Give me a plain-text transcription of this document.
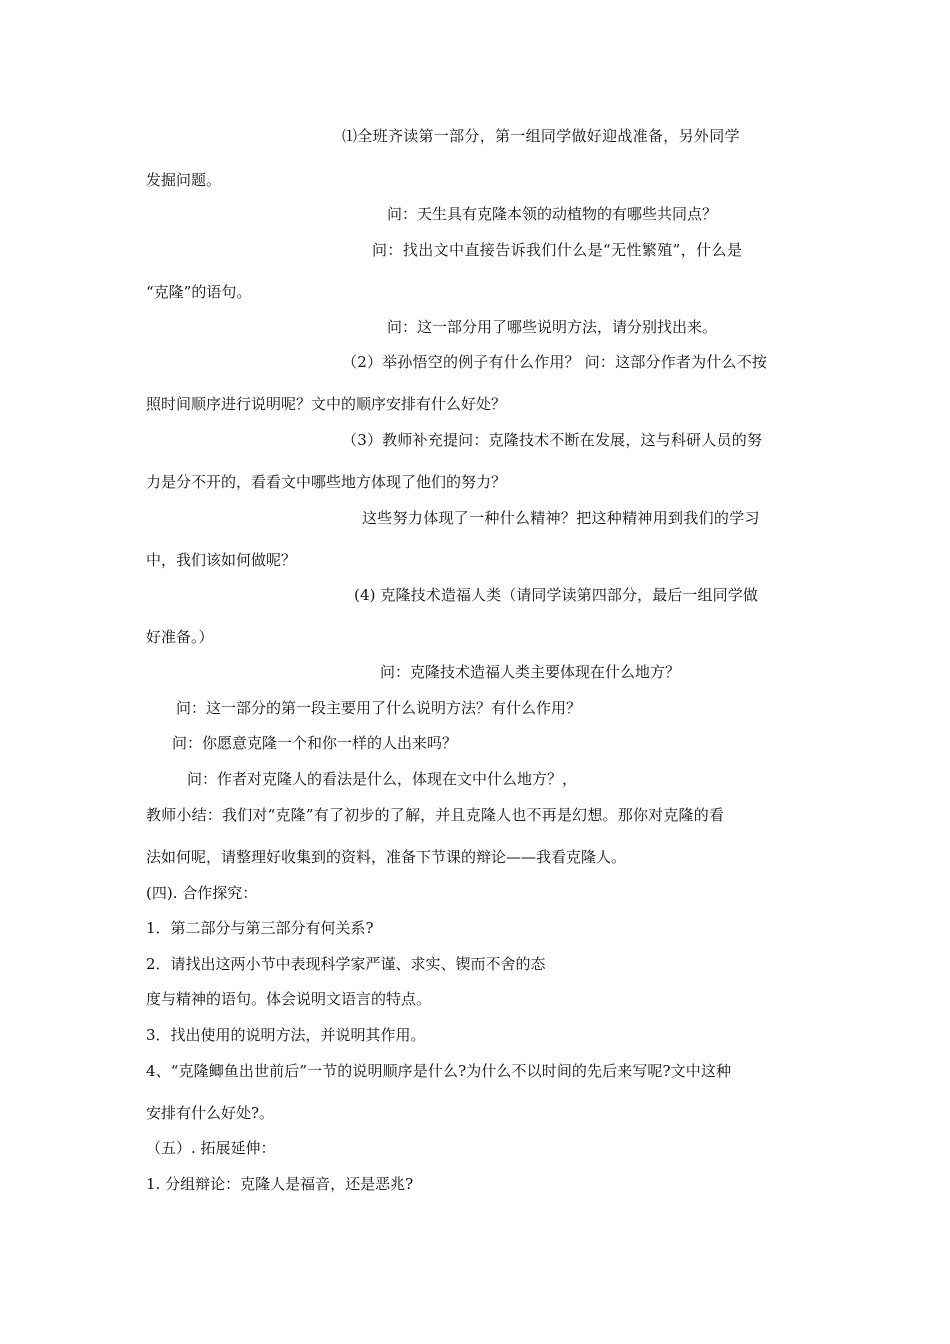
⑴全班齐读第一部分，第一组同学做好迎战准备，另外同学
发掘问题。
问：天生具有克隆本领的动植物的有哪些共同点？
问：找出文中直接告诉我们什么是“无性繁殖”，什么是
“克隆”的语句。
问：这一部分用了哪些说明方法，请分别找出来。
（2）举孙悟空的例子有什么作用？ 问：这部分作者为什么不按
照时间顺序进行说明呢？文中的顺序安排有什么好处？
（3）教师补充提问：克隆技术不断在发展，这与科研人员的努
力是分不开的，看看文中哪些地方体现了他们的努力？
这些努力体现了一种什么精神？把这种精神用到我们的学习
中，我们该如何做呢？
(4) 克隆技术造福人类（请同学读第四部分，最后一组同学做
好准备。）
问：克隆技术造福人类主要体现在什么地方？
问：这一部分的第一段主要用了什么说明方法？有什么作用？
问：你愿意克隆一个和你一样的人出来吗？
问：作者对克隆人的看法是什么，体现在文中什么地方？，
教师小结：我们对“克隆”有了初步的了解，并且克隆人也不再是幻想。那你对克隆的看
法如何呢，请整理好收集到的资料，准备下节课的辩论——我看克隆人。
(四). 合作探究：
1．第二部分与第三部分有何关系?
2．请找出这两小节中表现科学家严谨、求实、锲而不舍的态
度与精神的语句。体会说明文语言的特点。
3．找出使用的说明方法，并说明其作用。
4、“克隆鲫鱼出世前后”一节的说明顺序是什么?为什么不以时间的先后来写呢?文中这种
安排有什么好处?。
（五）. 拓展延伸：
1. 分组辩论：克隆人是福音，还是恶兆?
